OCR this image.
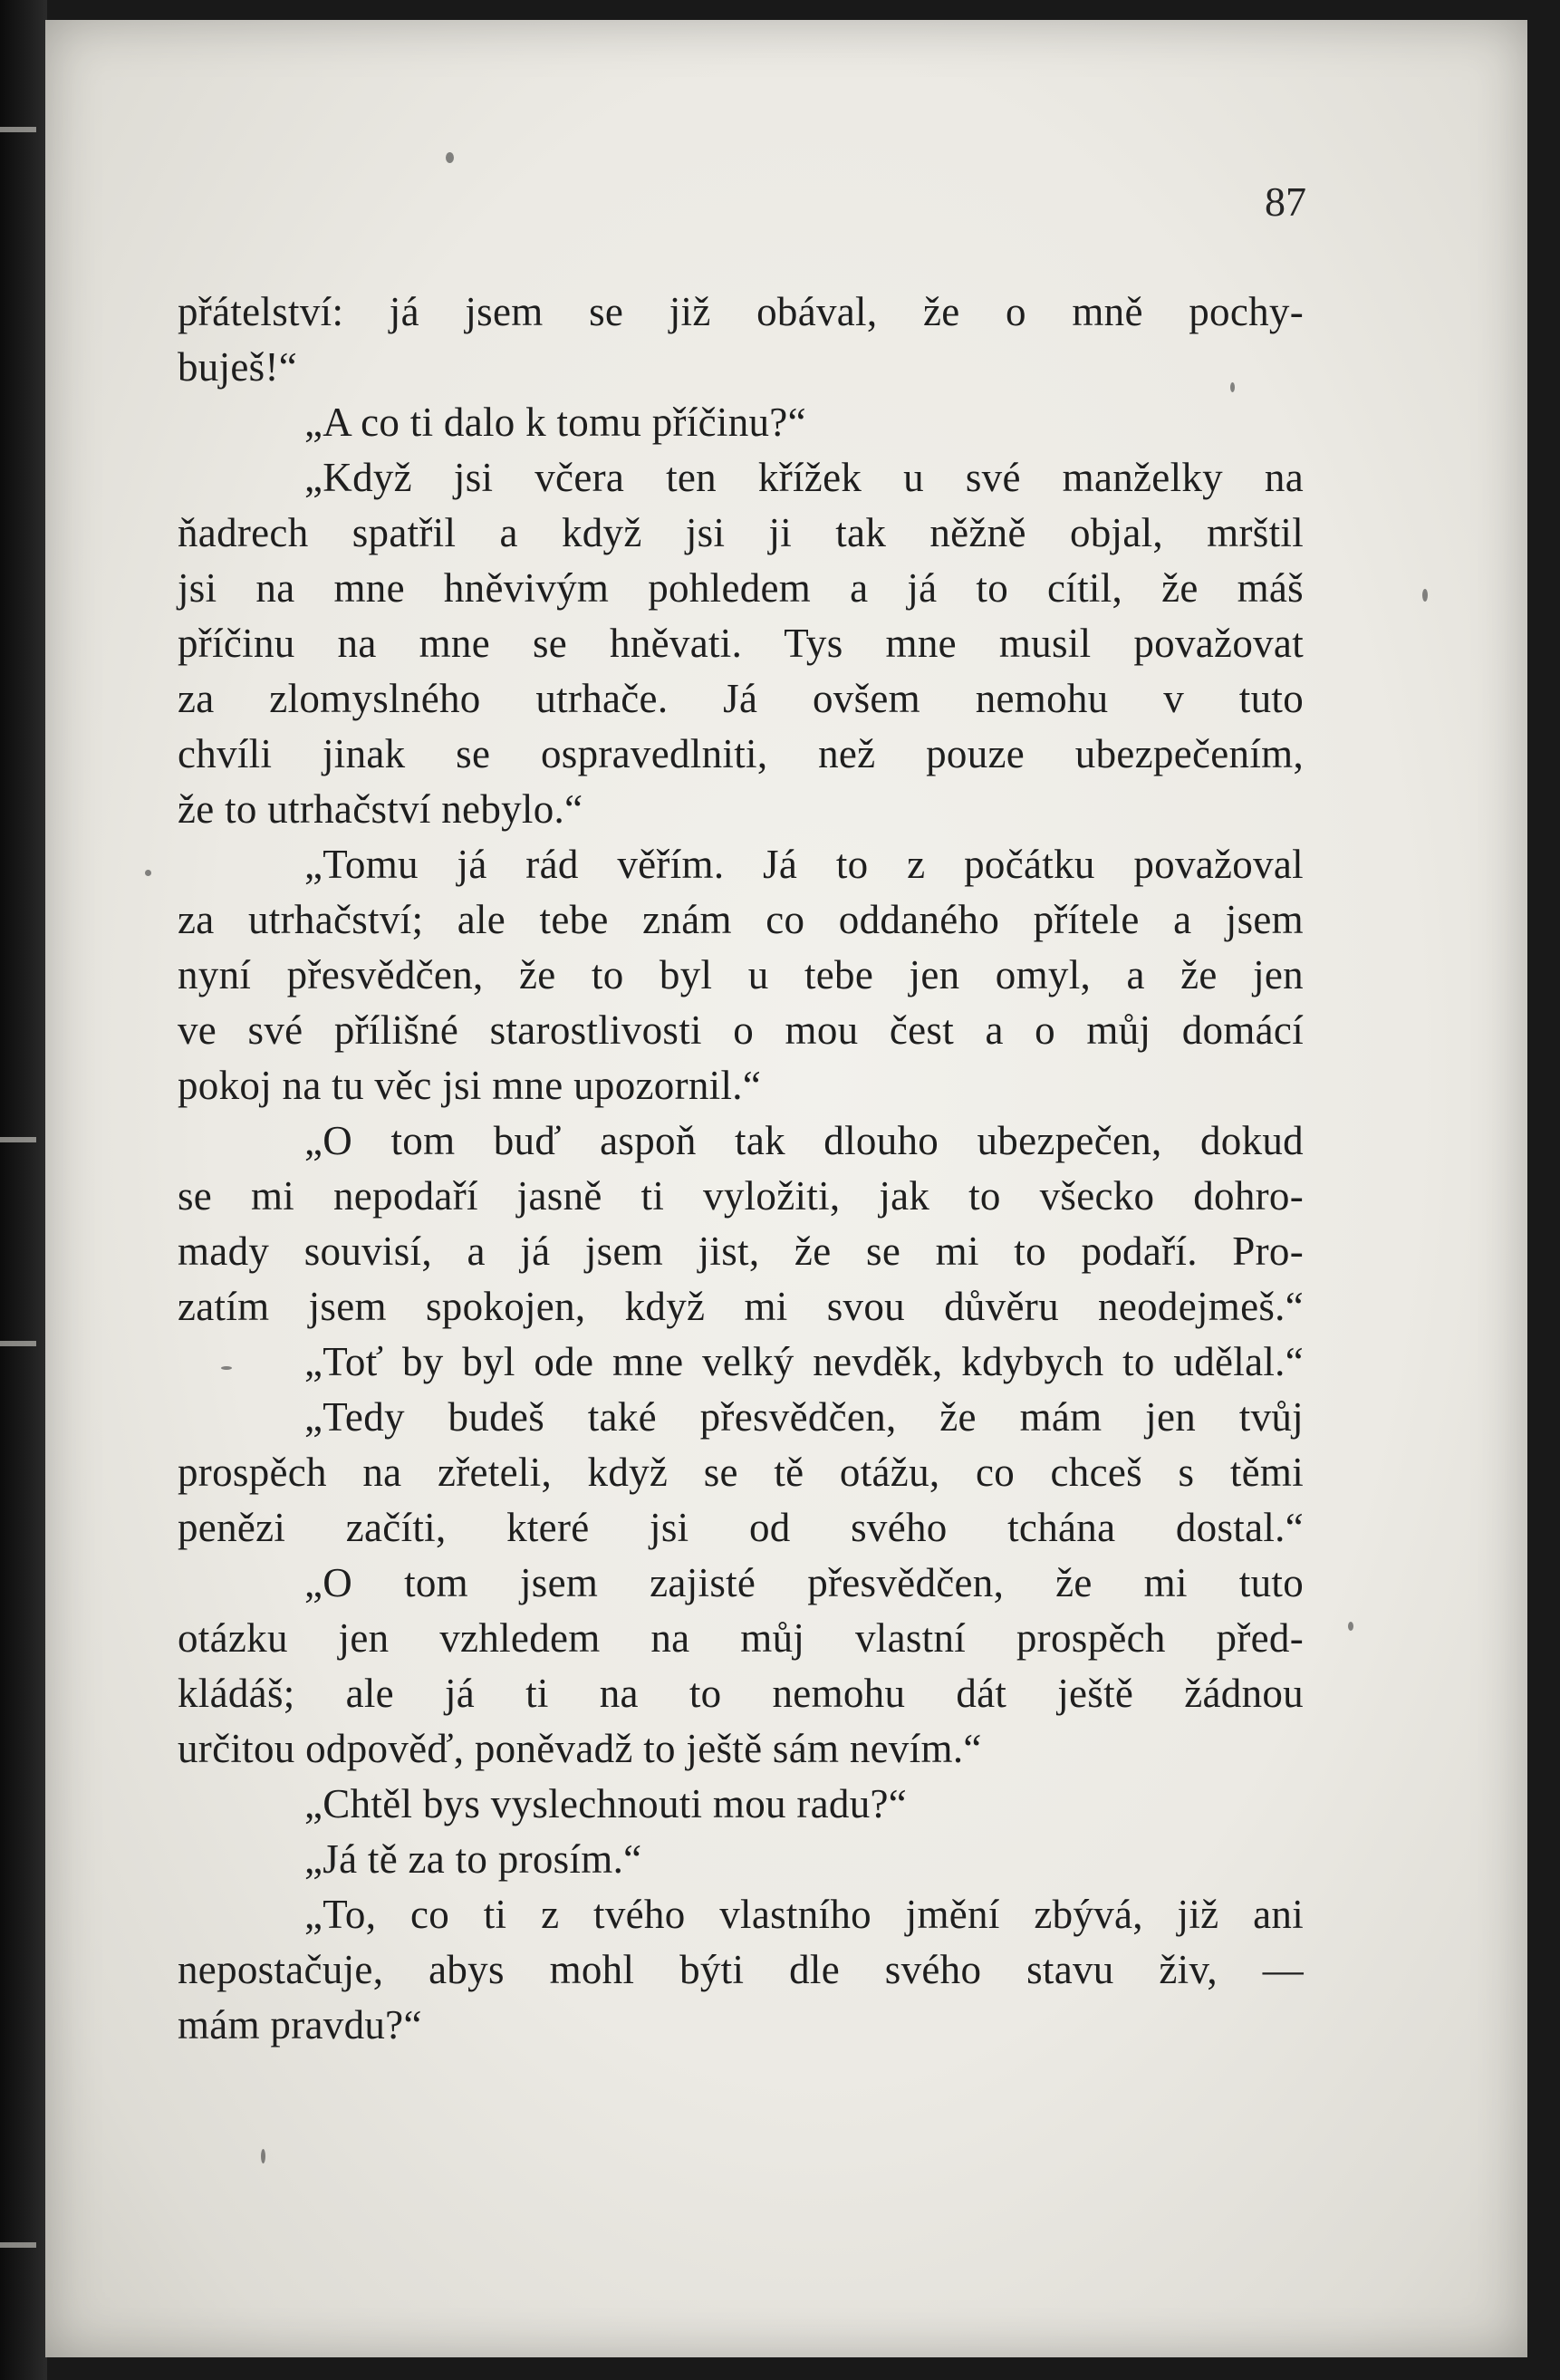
87

přátelství: já jsem se již obával, že o mně pochy-
buješ!“
„A co ti dalo k tomu příčinu?“
„Když jsi včera ten křížek u své manželky na
ňadrech spatřil a když jsi ji tak něžně objal, mrštil
jsi na mne hněvivým pohledem a já to cítil, že máš
příčinu na mne se hněvati. Tys mne musil považovat
za zlomyslného utrhače. Já ovšem nemohu v tuto
chvíli jinak se ospravedlniti, než pouze ubezpečením,
že to utrhačství nebylo.“
„Tomu já rád věřím. Já to z počátku považoval
za utrhačství; ale tebe znám co oddaného přítele a jsem
nyní přesvědčen, že to byl u tebe jen omyl, a že jen
ve své přílišné starostlivosti o mou čest a o můj domácí
pokoj na tu věc jsi mne upozornil.“
„O tom buď aspoň tak dlouho ubezpečen, dokud
se mi nepodaří jasně ti vyložiti, jak to všecko dohro-
mady souvisí, a já jsem jist, že se mi to podaří. Pro-
zatím jsem spokojen, když mi svou důvěru neodejmeš.“
„Toť by byl ode mne velký nevděk, kdybych to udělal.“
„Tedy budeš také přesvědčen, že mám jen tvůj
prospěch na zřeteli, když se tě otážu, co chceš s těmi
penězi začíti, které jsi od svého tchána dostal.“
„O tom jsem zajisté přesvědčen, že mi tuto
otázku jen vzhledem na můj vlastní prospěch před-
kládáš; ale já ti na to nemohu dát ještě žádnou
určitou odpověď, poněvadž to ještě sám nevím.“
„Chtěl bys vyslechnouti mou radu?“
„Já tě za to prosím.“
„To, co ti z tvého vlastního jmění zbývá, již ani
nepostačuje, abys mohl býti dle svého stavu živ, —
mám pravdu?“
